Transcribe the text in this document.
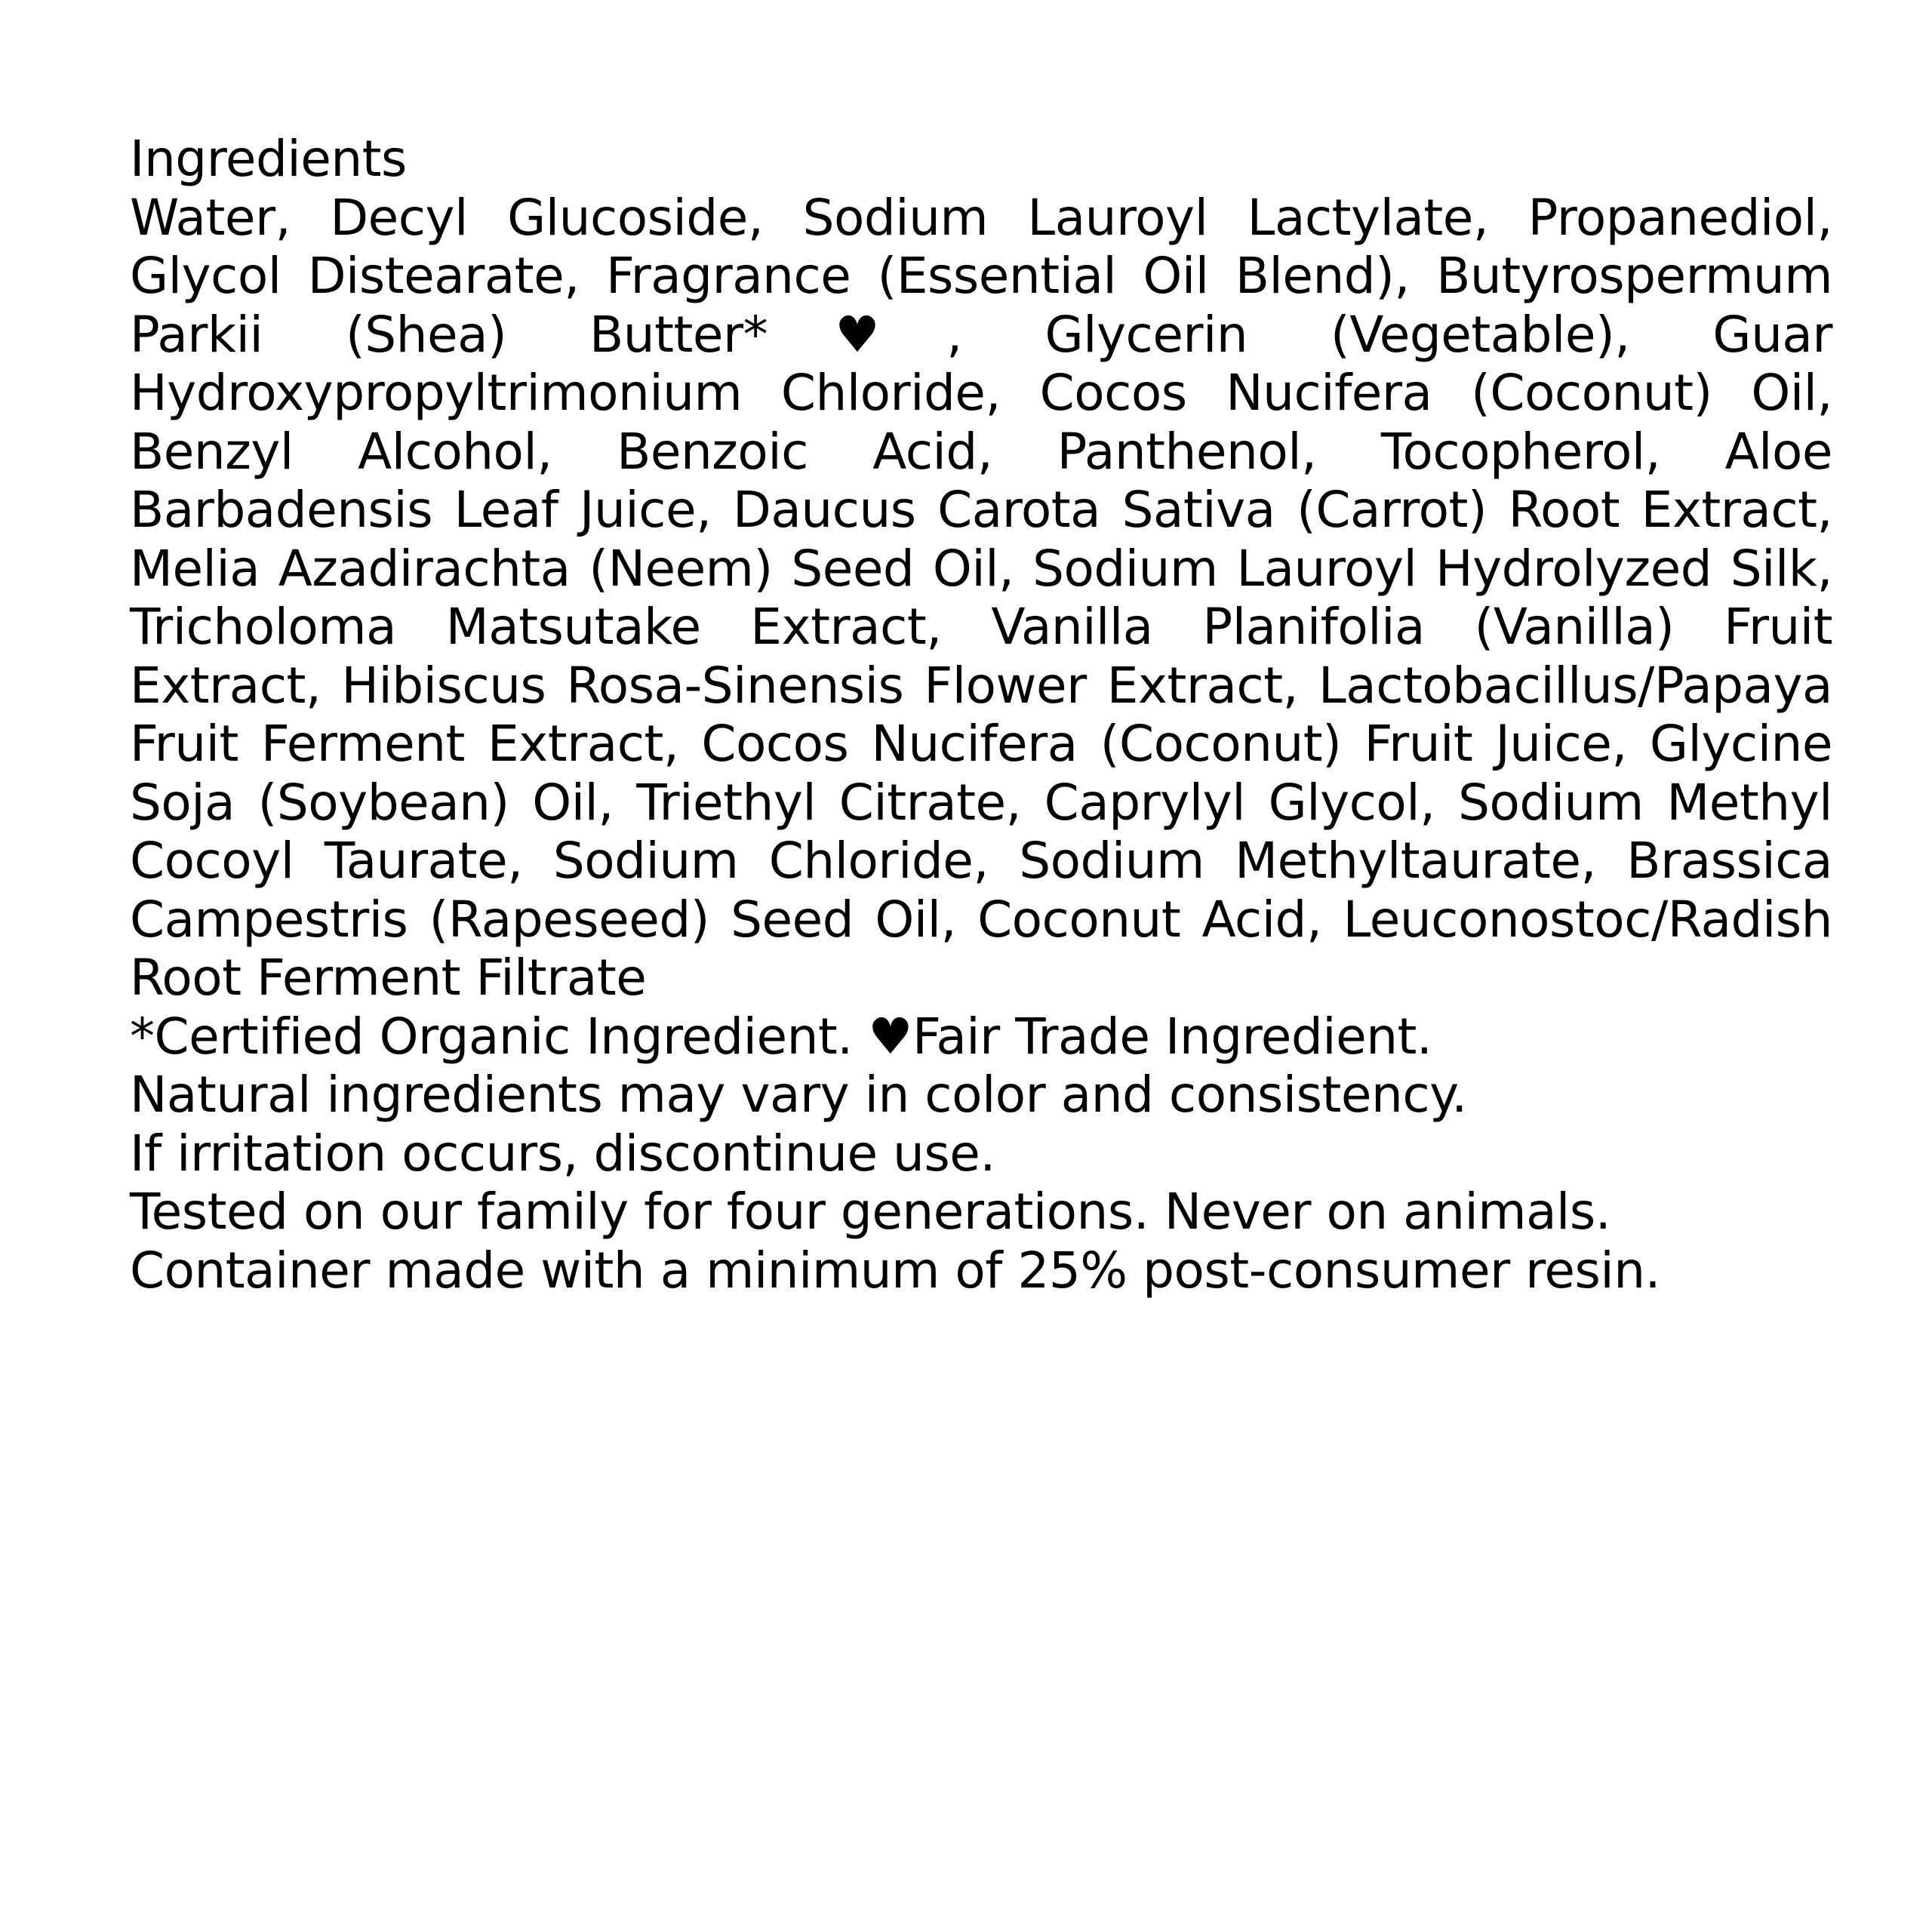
Ingredients
Water, Decyl Glucoside, Sodium Lauroyl Lactylate, Propanediol, Glycol Distearate, Fragrance (Essential Oil Blend), Butyrospermum Parkii (Shea) Butter*♥, Glycerin (Vegetable), Guar Hydroxypropyltrimonium Chloride, Cocos Nucifera (Coconut) Oil, Benzyl Alcohol, Benzoic Acid, Panthenol, Tocopherol, Aloe Barbadensis Leaf Juice, Daucus Carota Sativa (Carrot) Root Extract, Melia Azadirachta (Neem) Seed Oil, Sodium Lauroyl Hydrolyzed Silk, Tricholoma Matsutake Extract, Vanilla Planifolia (Vanilla) Fruit Extract, Hibiscus Rosa-Sinensis Flower Extract, Lactobacillus/Papaya Fruit Ferment Extract, Cocos Nucifera (Coconut) Fruit Juice, Glycine Soja (Soybean) Oil, Triethyl Citrate, Caprylyl Glycol, Sodium Methyl Cocoyl Taurate, Sodium Chloride, Sodium Methyltaurate, Brassica Campestris (Rapeseed) Seed Oil, Coconut Acid, Leuconostoc/Radish Root Ferment Filtrate
*Certified Organic Ingredient. ♥Fair Trade Ingredient.
Natural ingredients may vary in color and consistency.
If irritation occurs, discontinue use.
Tested on our family for four generations. Never on animals.
Container made with a minimum of 25% post-consumer resin.
